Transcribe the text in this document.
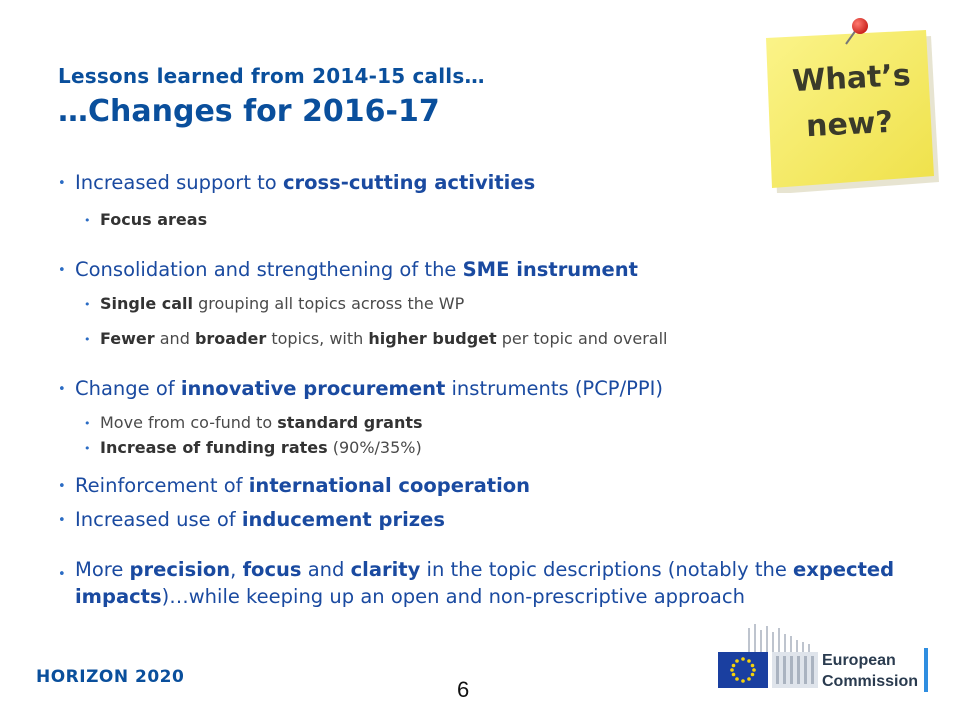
Lessons learned from 2014-15 calls…
…Changes for 2016-17
What’s
new?
• Increased support to cross-cutting activities
• Focus areas
• Consolidation and strengthening of the SME instrument
• Single call grouping all topics across the WP
• Fewer and broader topics, with higher budget per topic and overall
• Change of innovative procurement instruments (PCP/PPI)
• Move from co-fund to standard grants
• Increase of funding rates (90%/35%)
• Reinforcement of international cooperation
• Increased use of inducement prizes
• More precision, focus and clarity in the topic descriptions (notably the expected impacts)…while keeping up an open and non-prescriptive approach
HORIZON 2020	6
European
Commission
